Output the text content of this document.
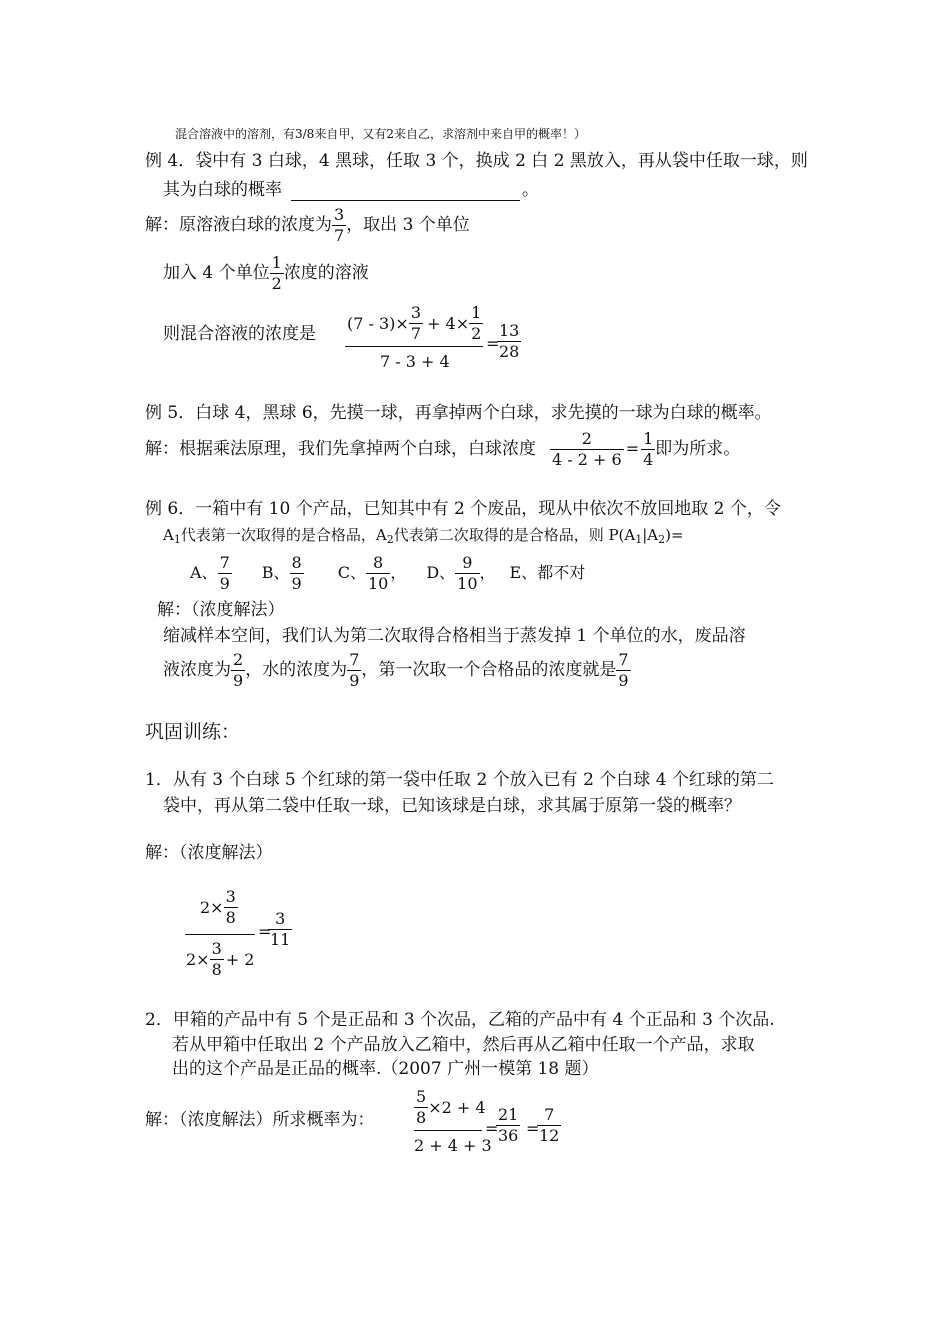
混合溶液中的溶剂，有3/8来自甲，又有2来自乙，求溶剂中来自甲的概率！）
例 4．袋中有 3 白球，4 黑球，任取 3 个，换成 2 白 2 黑放入，再从袋中任取一球，则
其为白球的概率	。
解：原溶液白球的浓度为 $\frac{3}{7}$ ，取出 3 个单位
加入 4 个单位 $\frac{1}{2}$ 浓度的溶液
则混合溶液的浓度是
$(7 - 3)\times \frac{3}{7} + 4\times \frac{1}{2}$
7 - 3 + 4
=
$\frac{13}{28}$
例 5．白球 4，黑球 6，先摸一球，再拿掉两个白球，求先摸的一球为白球的概率。
解：根据乘法原理，我们先拿掉两个白球，白球浓度 $\frac{2}{4 - 2 + 6} = \frac{1}{4}$ 即为所求。
例 6．一箱中有 10 个产品，已知其中有 2 个废品，现从中依次不放回地取 2 个，令
$A_1$代表第一次取得的是合格品，$A_2$代表第二次取得的是合格品，则 $P(A_1|A_2)=$
A、 $\frac{7}{9}$ B、 $\frac{8}{9}$ C、 $\frac{8}{10}$ ， D、 $\frac{9}{10}$ ， E、都不对
解：（浓度解法）
缩减样本空间，我们认为第二次取得合格相当于蒸发掉 1 个单位的水，废品溶
液浓度为 $\frac{2}{9}$ ，水的浓度为 $\frac{7}{9}$ ，第一次取一个合格品的浓度就是 $\frac{7}{9}$
巩固训练：
1．从有 3 个白球 5 个红球的第一袋中任取 2 个放入已有 2 个白球 4 个红球的第二
袋中，再从第二袋中任取一球，已知该球是白球，求其属于原第一袋的概率？
解：（浓度解法）
$2\times \frac{3}{8}$
$2\times \frac{3}{8} + 2$
=
$\frac{3}{11}$
2．甲箱的产品中有 5 个是正品和 3 个次品，乙箱的产品中有 4 个正品和 3 个次品.
若从甲箱中任取出 2 个产品放入乙箱中，然后再从乙箱中任取一个产品，求取
出的这个产品是正品的概率.（2007 广州一模第 18 题）
解：（浓度解法）所求概率为： $\frac{5}{8} \times 2 + 4$
2 + 4 + 3
=
$\frac{21}{36}$ =
$\frac{7}{12}$
